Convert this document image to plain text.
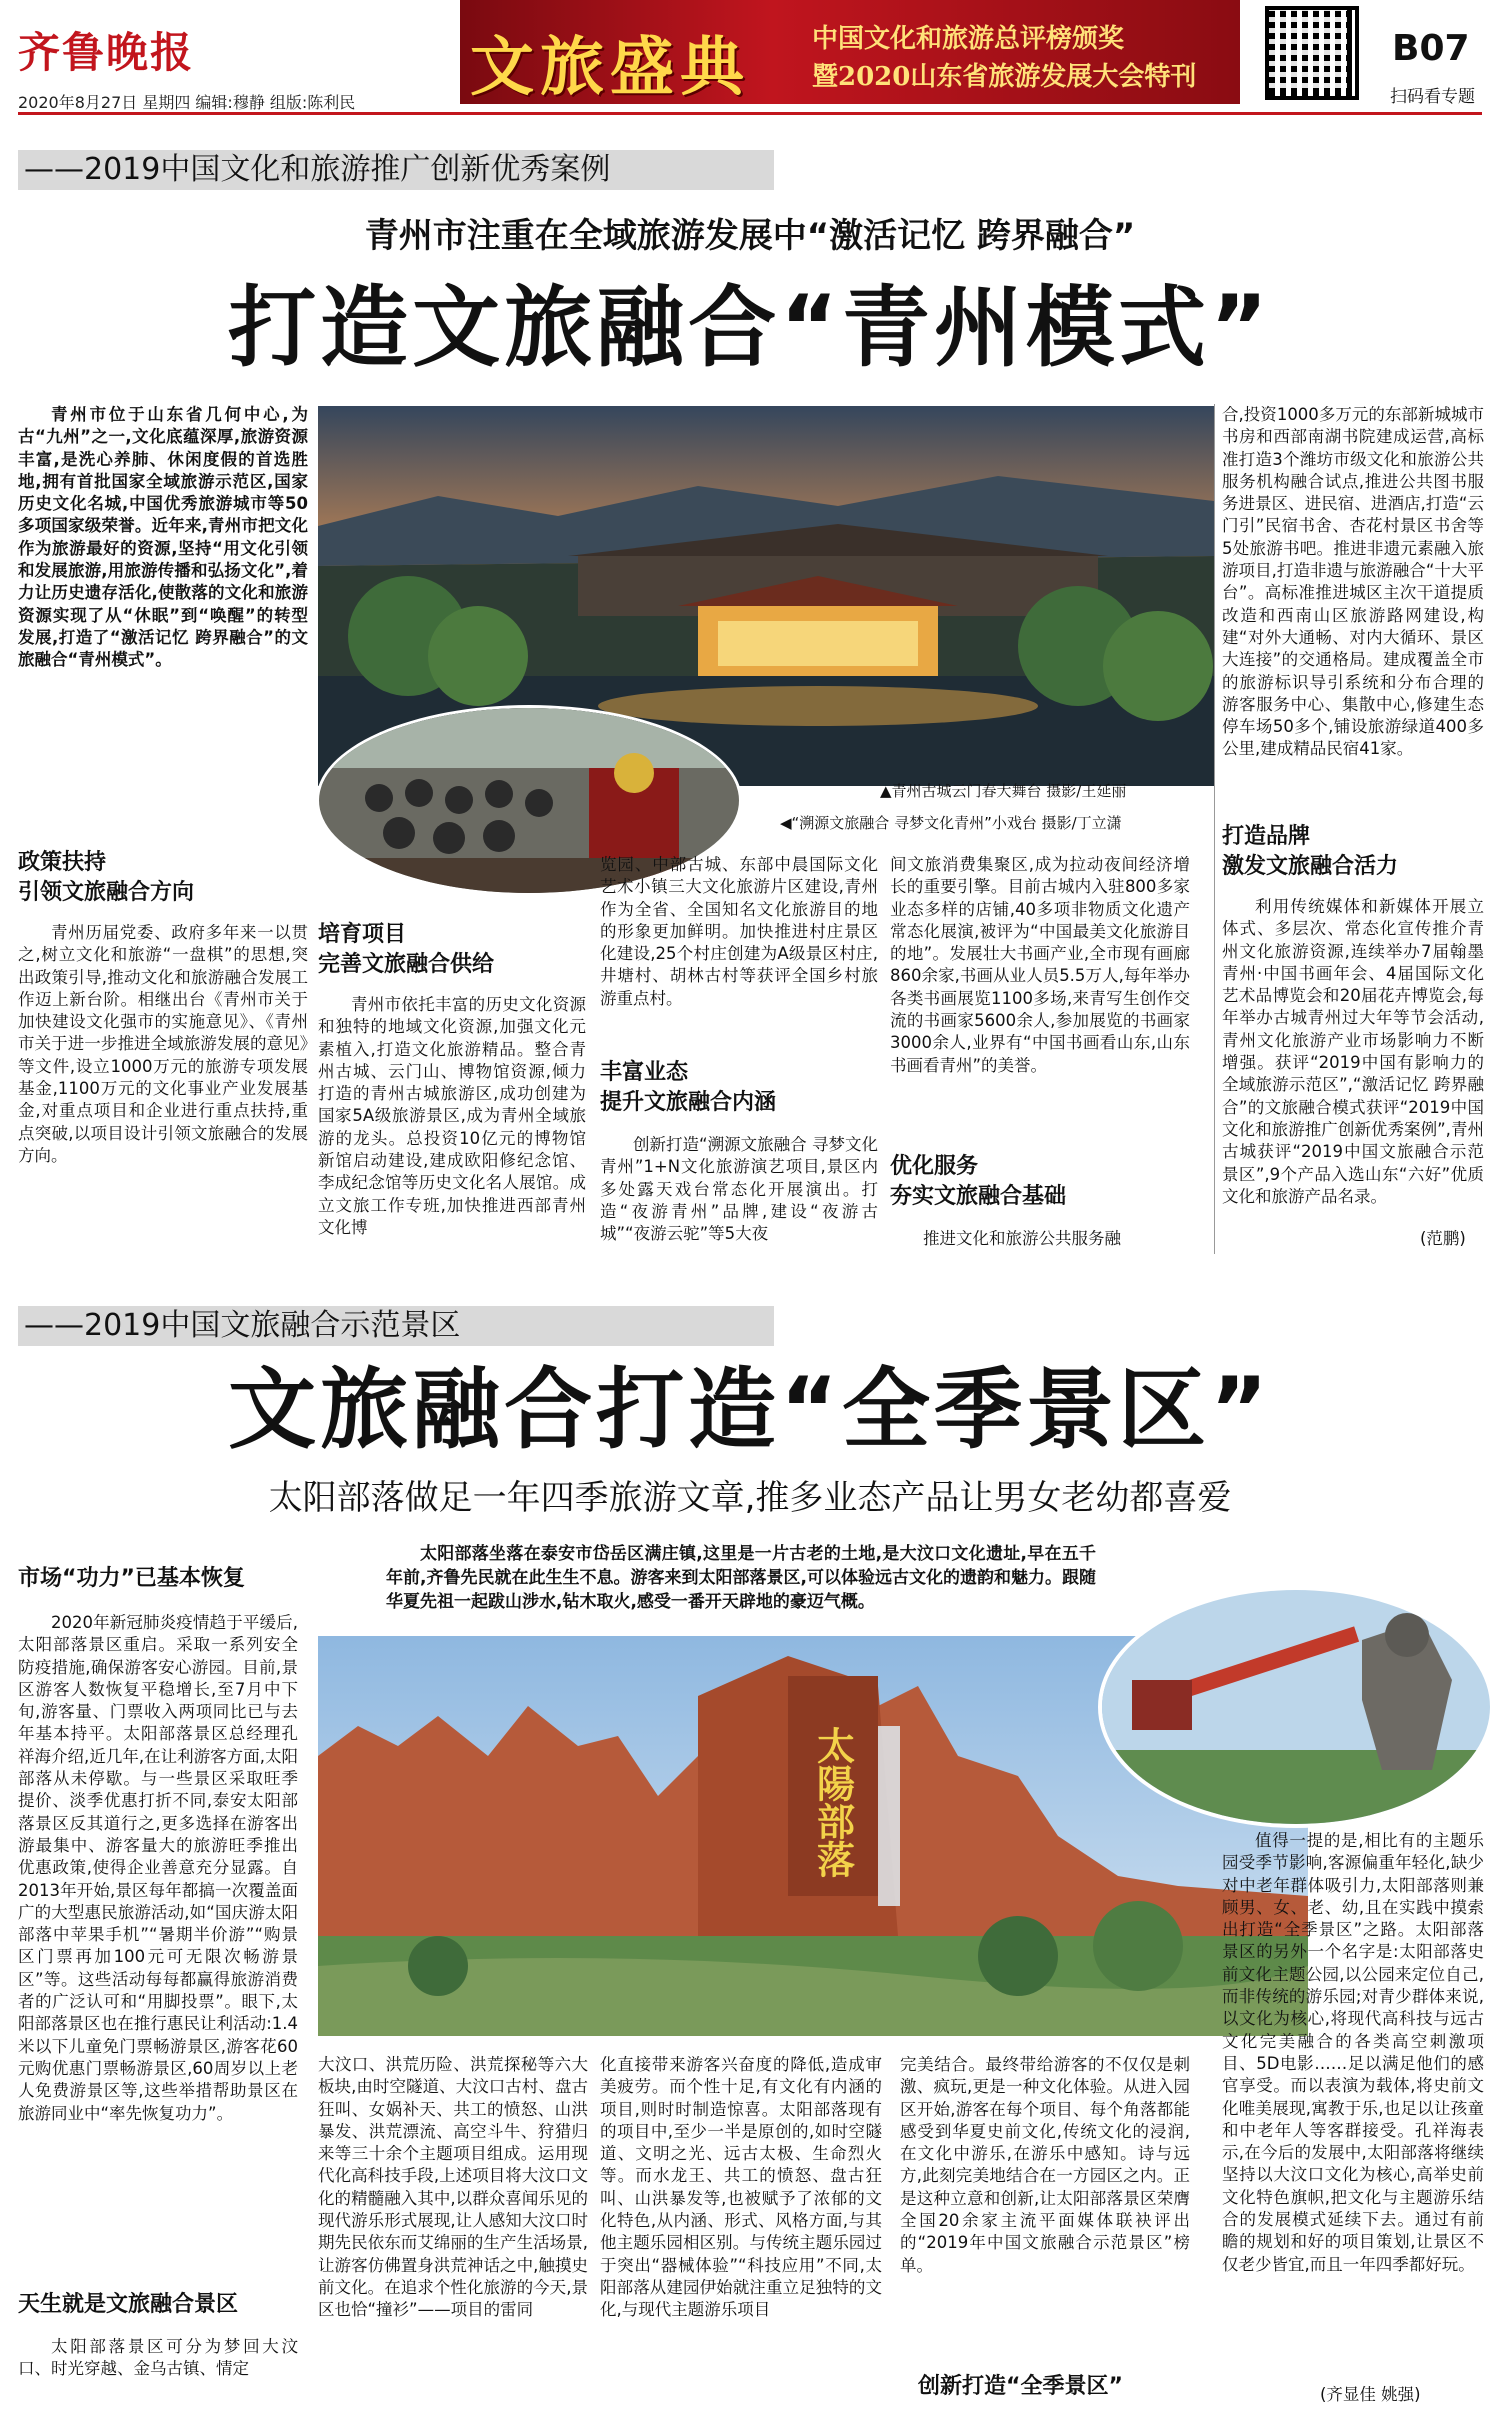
齐鲁晚报	文旅盛典 中国文化和旅游总评榜颁奖
暨2020山东省旅游发展大会特刊
B07
扫码看专题
2020年8月27日 星期四 编辑:穆静 组版:陈利民
——2019中国文化和旅游推广创新优秀案例
青州市注重在全域旅游发展中“激活记忆 跨界融合”
打造文旅融合“青州模式”

青州市位于山东省几何中心,为古“九州”之一,文化底蕴深厚,旅游资源丰富,是洗心养肺、休闲度假的首选胜地,拥有首批国家全域旅游示范区,国家历史文化名城,中国优秀旅游城市等50多项国家级荣誉。近年来,青州市把文化作为旅游最好的资源,坚持“用文化引领和发展旅游,用旅游传播和弘扬文化”,着力让历史遗存活化,使散落的文化和旅游资源实现了从“休眠”到“唤醒”的转型发展,打造了“激活记忆 跨界融合”的文旅融合“青州模式”。

▲青州古城云门春大舞台 摄影/王延丽
◀“溯源文旅融合 寻梦文化青州”小戏台 摄影/丁立潇
政策扶持
引领文旅融合方向

青州历届党委、政府多年来一以贯之,树立文化和旅游“一盘棋”的思想,突出政策引导,推动文化和旅游融合发展工作迈上新台阶。相继出台《青州市关于加快建设文化强市的实施意见》、《青州市关于进一步推进全域旅游发展的意见》等文件,设立1000万元的旅游专项发展基金,1100万元的文化事业产业发展基金,对重点项目和企业进行重点扶持,重点突破,以项目设计引领文旅融合的发展方向。

培育项目
完善文旅融合供给

青州市依托丰富的历史文化资源和独特的地域文化资源,加强文化元素植入,打造文化旅游精品。整合青州古城、云门山、博物馆资源,倾力打造的青州古城旅游区,成功创建为国家5A级旅游景区,成为青州全域旅游的龙头。总投资10亿元的博物馆新馆启动建设,建成欧阳修纪念馆、李成纪念馆等历史文化名人展馆。成立文旅工作专班,加快推进西部青州文化博

览园、中部古城、东部中晨国际文化艺术小镇三大文化旅游片区建设,青州作为全省、全国知名文化旅游目的地的形象更加鲜明。加快推进村庄景区化建设,25个村庄创建为A级景区村庄,井塘村、胡林古村等获评全国乡村旅游重点村。

丰富业态
提升文旅融合内涵

创新打造“溯源文旅融合 寻梦文化青州”1+N文化旅游演艺项目,景区内多处露天戏台常态化开展演出。打造“夜游青州”品牌,建设“夜游古城”“夜游云驼”等5大夜

间文旅消费集聚区,成为拉动夜间经济增长的重要引擎。目前古城内入驻800多家业态多样的店铺,40多项非物质文化遗产常态化展演,被评为“中国最美文化旅游目的地”。发展壮大书画产业,全市现有画廊860余家,书画从业人员5.5万人,每年举办各类书画展览1100多场,来青写生创作交流的书画家5600余人,参加展览的书画家3000余人,业界有“中国书画看山东,山东书画看青州”的美誉。

优化服务
夯实文旅融合基础

推进文化和旅游公共服务融

合,投资1000多万元的东部新城城市书房和西部南湖书院建成运营,高标准打造3个潍坊市级文化和旅游公共服务机构融合试点,推进公共图书服务进景区、进民宿、进酒店,打造“云门引”民宿书舍、杏花村景区书舍等5处旅游书吧。推进非遗元素融入旅游项目,打造非遗与旅游融合“十大平台”。高标准推进城区主次干道提质改造和西南山区旅游路网建设,构建“对外大通畅、对内大循环、景区大连接”的交通格局。建成覆盖全市的旅游标识导引系统和分布合理的游客服务中心、集散中心,修建生态停车场50多个,铺设旅游绿道400多公里,建成精品民宿41家。

打造品牌
激发文旅融合活力

利用传统媒体和新媒体开展立体式、多层次、常态化宣传推介青州文化旅游资源,连续举办7届翰墨青州·中国书画年会、4届国际文化艺术品博览会和20届花卉博览会,每年举办古城青州过大年等节会活动,青州文化旅游产业市场影响力不断增强。获评“2019中国有影响力的全域旅游示范区”,“激活记忆 跨界融合”的文旅融合模式获评“2019中国文化和旅游推广创新优秀案例”,青州古城获评“2019中国文旅融合示范景区”,9个产品入选山东“六好”优质文化和旅游产品名录。

(范鹏)
——2019中国文旅融合示范景区
文旅融合打造“全季景区”
太阳部落做足一年四季旅游文章,推多业态产品让男女老幼都喜爱
市场“功力”已基本恢复

2020年新冠肺炎疫情趋于平缓后,太阳部落景区重启。采取一系列安全防疫措施,确保游客安心游园。目前,景区游客人数恢复平稳增长,至7月中下旬,游客量、门票收入两项同比已与去年基本持平。太阳部落景区总经理孔祥海介绍,近几年,在让利游客方面,太阳部落从未停歇。与一些景区采取旺季提价、淡季优惠打折不同,泰安太阳部落景区反其道行之,更多选择在游客出游最集中、游客量大的旅游旺季推出优惠政策,使得企业善意充分显露。自2013年开始,景区每年都搞一次覆盖面广的大型惠民旅游活动,如“国庆游太阳部落中苹果手机”“暑期半价游”“购景区门票再加100元可无限次畅游景区”等。这些活动每每都赢得旅游消费者的广泛认可和“用脚投票”。眼下,太阳部落景区也在推行惠民让利活动:1.4米以下儿童免门票畅游景区,游客花60元购优惠门票畅游景区,60周岁以上老人免费游景区等,这些举措帮助景区在旅游同业中“率先恢复功力”。

天生就是文旅融合景区

太阳部落景区可分为梦回大汶口、时光穿越、金乌古镇、情定

太阳部落坐落在泰安市岱岳区满庄镇,这里是一片古老的土地,是大汶口文化遗址,早在五千年前,齐鲁先民就在此生生不息。游客来到太阳部落景区,可以体验远古文化的遗韵和魅力。跟随华夏先祖一起跋山涉水,钻木取火,感受一番开天辟地的豪迈气概。
太陽部落	值得一提的是,相比有的主题乐园受季节影响,客源偏重年轻化,缺少对中老年群体吸引力,太阳部落则兼顾男、女、老、幼,且在实践中摸索出打造“全季景区”之路。太阳部落景区的另外一个名字是:太阳部落史前文化主题公园,以公园来定位自己,而非传统的游乐园;对青少群体来说,以文化为核心,将现代高科技与远古文化完美融合的各类高空刺激项目、5D电影……足以满足他们的感官享受。而以表演为载体,将史前文化唯美展现,寓教于乐,也足以让孩童和中老年人等客群接受。孔祥海表示,在今后的发展中,太阳部落将继续坚持以大汶口文化为核心,高举史前文化特色旗帜,把文化与主题游乐结合的发展模式延续下去。通过有前瞻的规划和好的项目策划,让景区不仅老少皆宜,而且一年四季都好玩。

(齐显佳 姚强)

大汶口、洪荒历险、洪荒探秘等六大板块,由时空隧道、大汶口古村、盘古狂叫、女娲补天、共工的愤怒、山洪暴发、洪荒漂流、高空斗牛、狩猎归来等三十余个主题项目组成。运用现代化高科技手段,上述项目将大汶口文化的精髓融入其中,以群众喜闻乐见的现代游乐形式展现,让人感知大汶口时期先民依东而艾绵丽的生产生活场景,让游客仿佛置身洪荒神话之中,触摸史前文化。在追求个性化旅游的今天,景区也恰“撞衫”——项目的雷同

化直接带来游客兴奋度的降低,造成审美疲劳。而个性十足,有文化有内涵的项目,则时时制造惊喜。太阳部落现有的项目中,至少一半是原创的,如时空隧道、文明之光、远古太极、生命烈火等。而水龙王、共工的愤怒、盘古狂叫、山洪暴发等,也被赋予了浓郁的文化特色,从内涵、形式、风格方面,与其他主题乐园相区别。与传统主题乐园过于突出“器械体验”“科技应用”不同,太阳部落从建园伊始就注重立足独特的文化,与现代主题游乐项目

完美结合。最终带给游客的不仅仅是刺激、疯玩,更是一种文化体验。从进入园区开始,游客在每个项目、每个角落都能感受到华夏史前文化,传统文化的浸润,在文化中游乐,在游乐中感知。诗与远方,此刻完美地结合在一方园区之内。正是这种立意和创新,让太阳部落景区荣膺全国20余家主流平面媒体联袂评出的“2019年中国文旅融合示范景区”榜单。

创新打造“全季景区”
